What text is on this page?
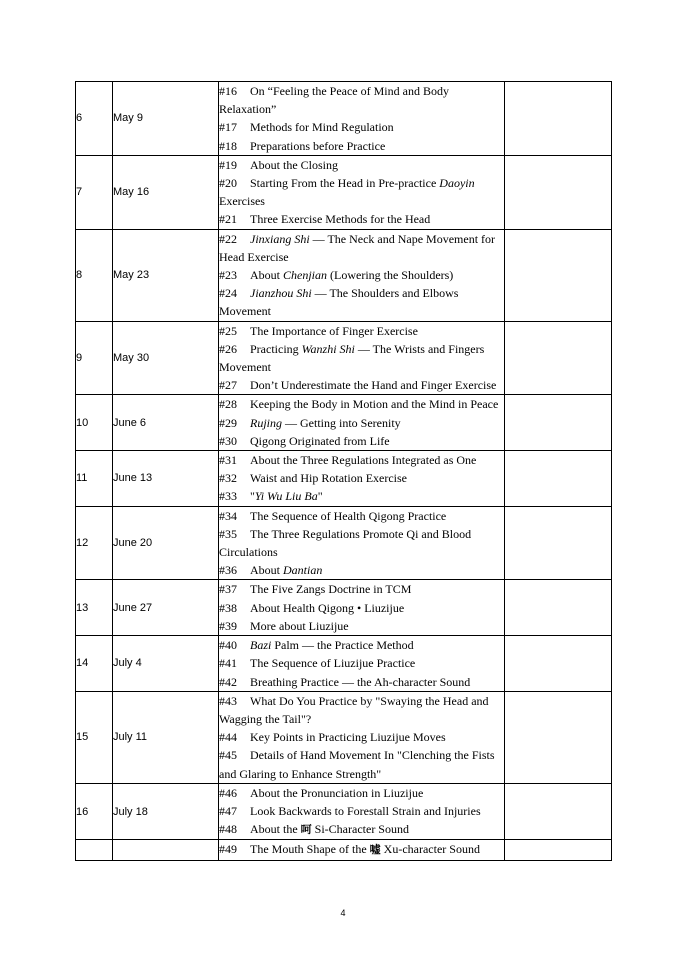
6	May 9	#16 On “Feeling the Peace of Mind and Body Relaxation”
#17 Methods for Mind Regulation
#18 Preparations before Practice	

7	May 16	#19 About the Closing
#20 Starting From the Head in Pre-practice Daoyin Exercises
#21 Three Exercise Methods for the Head	

8	May 23	#22 Jinxiang Shi — The Neck and Nape Movement for Head Exercise
#23 About Chenjian (Lowering the Shoulders)
#24 Jianzhou Shi — The Shoulders and Elbows Movement	

9	May 30	#25 The Importance of Finger Exercise
#26 Practicing Wanzhi Shi — The Wrists and Fingers Movement
#27 Don’t Underestimate the Hand and Finger Exercise	

10	June 6	#28 Keeping the Body in Motion and the Mind in Peace
#29 Rujing — Getting into Serenity
#30 Qigong Originated from Life	

11	June 13	#31 About the Three Regulations Integrated as One
#32 Waist and Hip Rotation Exercise
#33 "Yi Wu Liu Ba"	

12	June 20	#34 The Sequence of Health Qigong Practice
#35 The Three Regulations Promote Qi and Blood Circulations
#36 About Dantian	

13	June 27	#37 The Five Zangs Doctrine in TCM
#38 About Health Qigong • Liuzijue
#39 More about Liuzijue	

14	July 4	#40 Bazi Palm — the Practice Method
#41 The Sequence of Liuzijue Practice
#42 Breathing Practice — the Ah-character Sound	

15	July 11	#43 What Do You Practice by "Swaying the Head and Wagging the Tail"?
#44 Key Points in Practicing Liuzijue Moves
#45 Details of Hand Movement In "Clenching the Fists and Glaring to Enhance Strength"	

16	July 18	#46 About the Pronunciation in Liuzijue
#47 Look Backwards to Forestall Strain and Injuries
#48 About the 呵 Si-Character Sound	

		#49 The Mouth Shape of the 嘘 Xu-character Sound	

4
